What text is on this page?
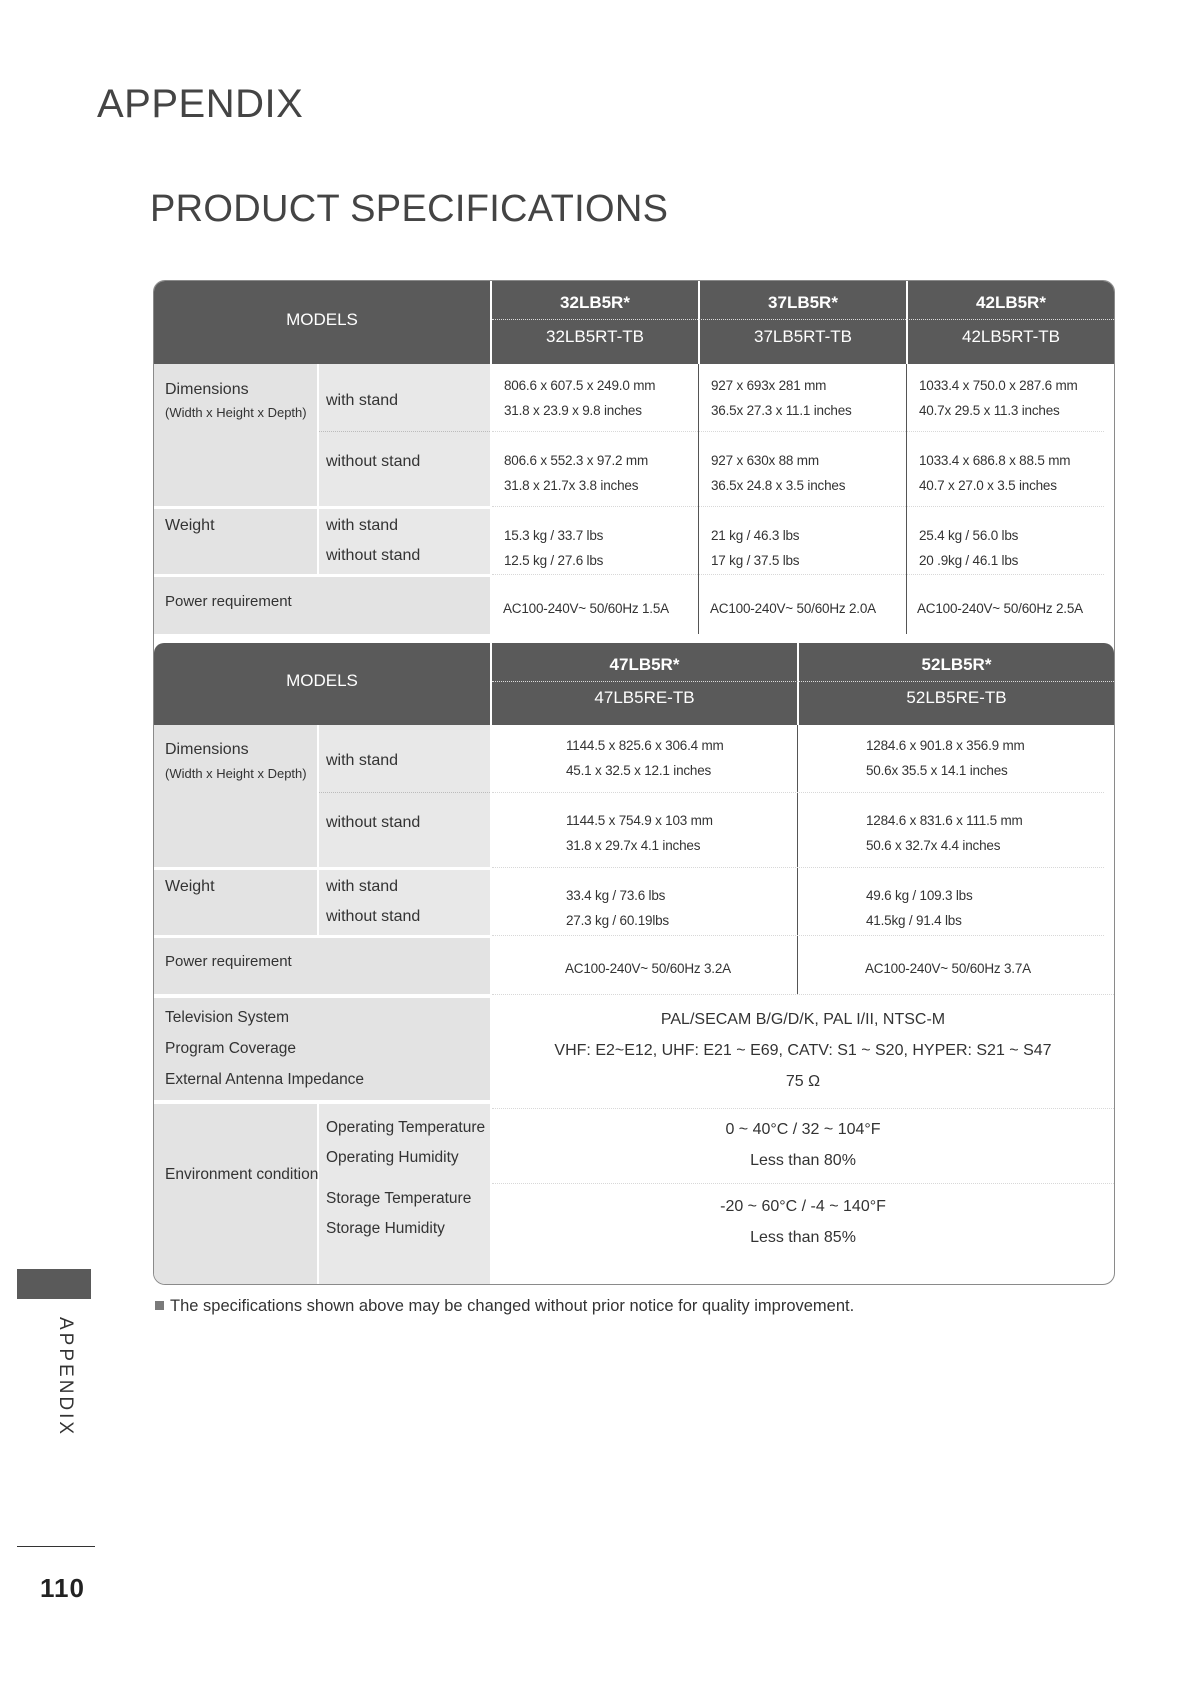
APPENDIX
PRODUCT SPECIFICATIONS
MODELS
32LB5R*
32LB5RT-TB
37LB5R*
37LB5RT-TB
42LB5R*
42LB5RT-TB
Dimensions
(Width x Height x Depth)
with stand
without stand
Weight	with stand
without stand
Power requirement
806.6 x 607.5 x 249.0 mm
31.8 x 23.9 x 9.8 inches
806.6 x 552.3 x 97.2 mm
31.8 x 21.7x 3.8 inches
15.3 kg / 33.7 lbs
12.5 kg / 27.6 lbs
AC100-240V~ 50/60Hz 1.5A
927 x 693x 281 mm
36.5x 27.3 x 11.1 inches
927 x 630x 88 mm
36.5x 24.8 x 3.5 inches
21 kg / 46.3 lbs
17 kg / 37.5 lbs
AC100-240V~ 50/60Hz 2.0A
1033.4 x 750.0 x 287.6 mm
40.7x 29.5 x 11.3 inches
1033.4 x 686.8 x 88.5 mm
40.7 x 27.0 x 3.5 inches
25.4 kg / 56.0 lbs
20 .9kg / 46.1 lbs
AC100-240V~ 50/60Hz 2.5A
MODELS
47LB5R*
47LB5RE-TB
52LB5R*
52LB5RE-TB
Dimensions
(Width x Height x Depth)
with stand
without stand
Weight	with stand
without stand
Power requirement
Television System
Program Coverage
External Antenna Impedance
Environment condition
Operating Temperature
Operating Humidity
Storage Temperature
Storage Humidity
1144.5 x 825.6 x 306.4 mm
45.1 x 32.5 x 12.1 inches
1144.5 x 754.9 x 103 mm
31.8 x 29.7x 4.1 inches
33.4 kg / 73.6 lbs
27.3 kg / 60.19lbs
AC100-240V~ 50/60Hz 3.2A
1284.6 x 901.8 x 356.9 mm
50.6x 35.5 x 14.1 inches
1284.6 x 831.6 x 111.5 mm
50.6 x 32.7x 4.4 inches
49.6 kg / 109.3 lbs
41.5kg / 91.4 lbs
AC100-240V~ 50/60Hz 3.7A
PAL/SECAM B/G/D/K, PAL I/II, NTSC-M
VHF: E2~E12, UHF: E21 ~ E69, CATV: S1 ~ S20, HYPER: S21 ~ S47
75 Ω
0 ~ 40°C / 32 ~ 104°F
Less than 80%
-20 ~ 60°C / -4 ~ 140°F
Less than 85%
The specifications shown above may be changed without prior notice for quality improvement.
APPENDIX
110
